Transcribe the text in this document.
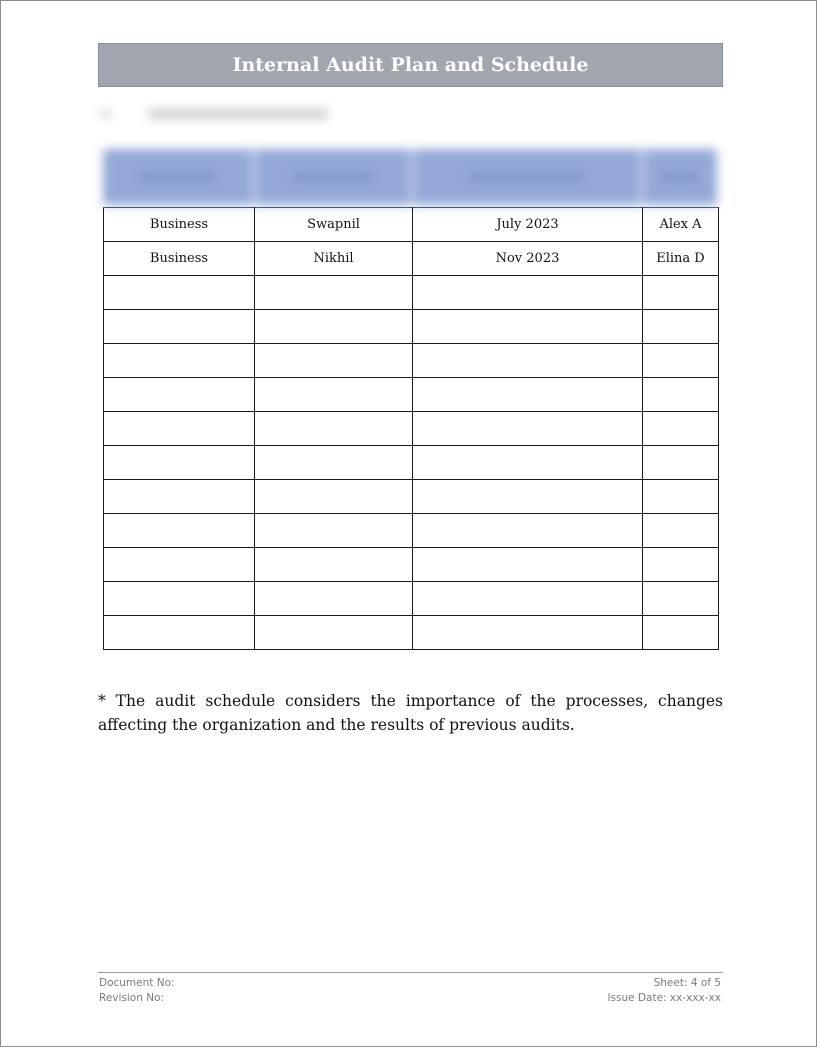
Internal Audit Plan and Schedule
Business	Swapnil	July 2023	Alex A
Business	Nikhil	Nov 2023	Elina D

* The audit schedule considers the importance of the processes, changes affecting the organization and the results of previous audits.
Document No:
Revision No:
Sheet: 4 of 5
Issue Date: xx-xxx-xx
